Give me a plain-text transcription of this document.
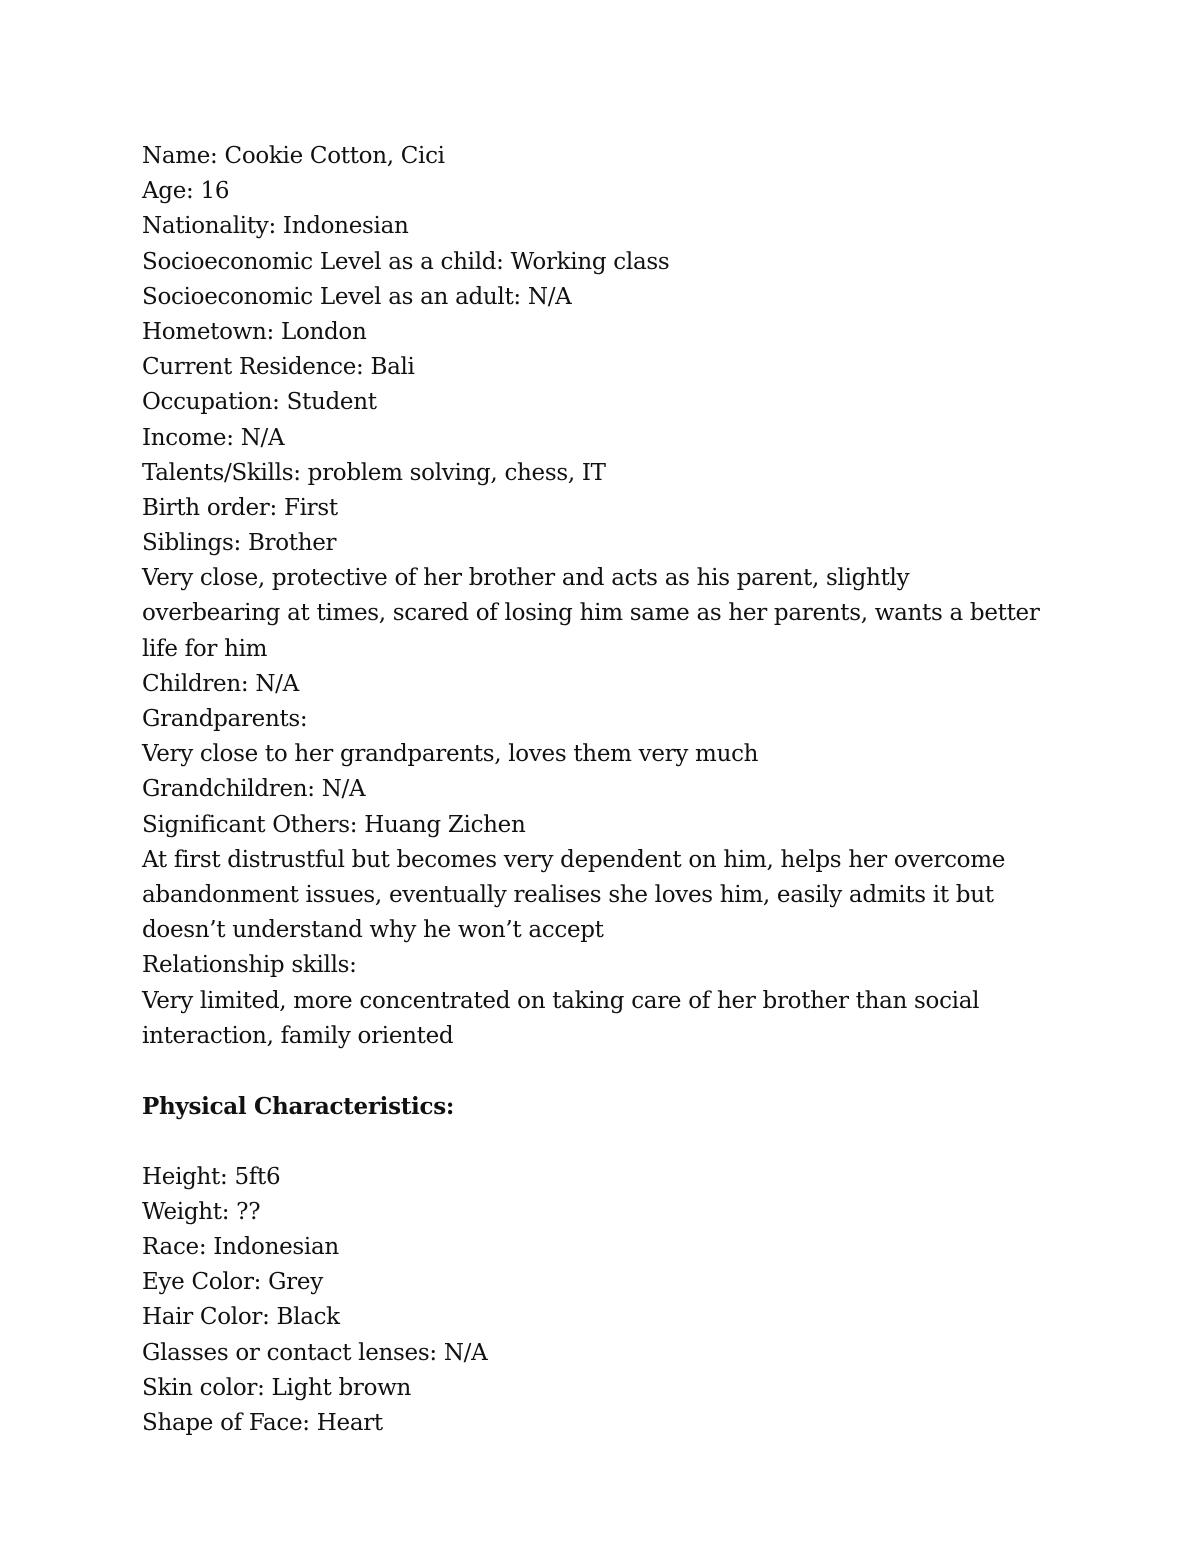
Name: Cookie Cotton, Cici
Age: 16
Nationality: Indonesian
Socioeconomic Level as a child: Working class
Socioeconomic Level as an adult: N/A
Hometown: London
Current Residence: Bali
Occupation: Student
Income: N/A
Talents/Skills: problem solving, chess, IT
Birth order: First
Siblings: Brother
Very close, protective of her brother and acts as his parent, slightly overbearing at times, scared of losing him same as her parents, wants a better life for him
Children: N/A
Grandparents:
Very close to her grandparents, loves them very much
Grandchildren: N/A
Significant Others: Huang Zichen
At first distrustful but becomes very dependent on him, helps her overcome abandonment issues, eventually realises she loves him, easily admits it but doesn’t understand why he won’t accept
Relationship skills:
Very limited, more concentrated on taking care of her brother than social interaction, family oriented
Physical Characteristics:
Height: 5ft6
Weight: ??
Race: Indonesian
Eye Color: Grey
Hair Color: Black
Glasses or contact lenses: N/A
Skin color: Light brown
Shape of Face: Heart
